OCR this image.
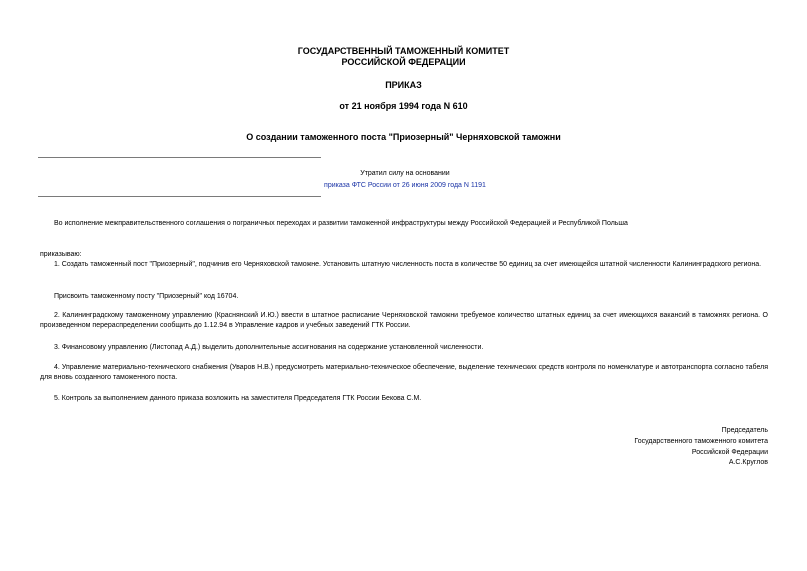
ГОСУДАРСТВЕННЫЙ ТАМОЖЕННЫЙ КОМИТЕТ
РОССИЙСКОЙ ФЕДЕРАЦИИ
ПРИКАЗ
от 21 ноября 1994 года N 610
О создании таможенного поста "Приозерный" Черняховской таможни
Утратил силу на основании
приказа ФТС России от 26 июня 2009 года N 1191
Во исполнение межправительственного соглашения о пограничных переходах и развитии таможенной инфраструктуры между Российской Федерацией и Республикой Польша
приказываю:
1. Создать таможенный пост "Приозерный", подчинив его Черняховской таможне. Установить штатную численность поста в количестве 50 единиц за счет имеющейся штатной численности Калининградского региона.
Присвоить таможенному посту "Приозерный" код 16704.
2. Калининградскому таможенному управлению (Краснянский И.Ю.) ввести в штатное расписание Черняховской таможни требуемое количество штатных единиц за счет имеющихся вакансий в таможнях региона. О произведенном перераспределении сообщить до 1.12.94 в Управление кадров и учебных заведений ГТК России.
3. Финансовому управлению (Листопад А.Д.) выделить дополнительные ассигнования на содержание установленной численности.
4. Управление материально-технического снабжения (Уваров Н.В.) предусмотреть материально-техническое обеспечение, выделение технических средств контроля по номенклатуре и автотранспорта согласно табеля для вновь созданного таможенного поста.
5. Контроль за выполнением данного приказа возложить на заместителя Председателя ГТК России Бекова С.М.
Председатель
Государственного таможенного комитета
Российской Федерации
А.С.Круглов
